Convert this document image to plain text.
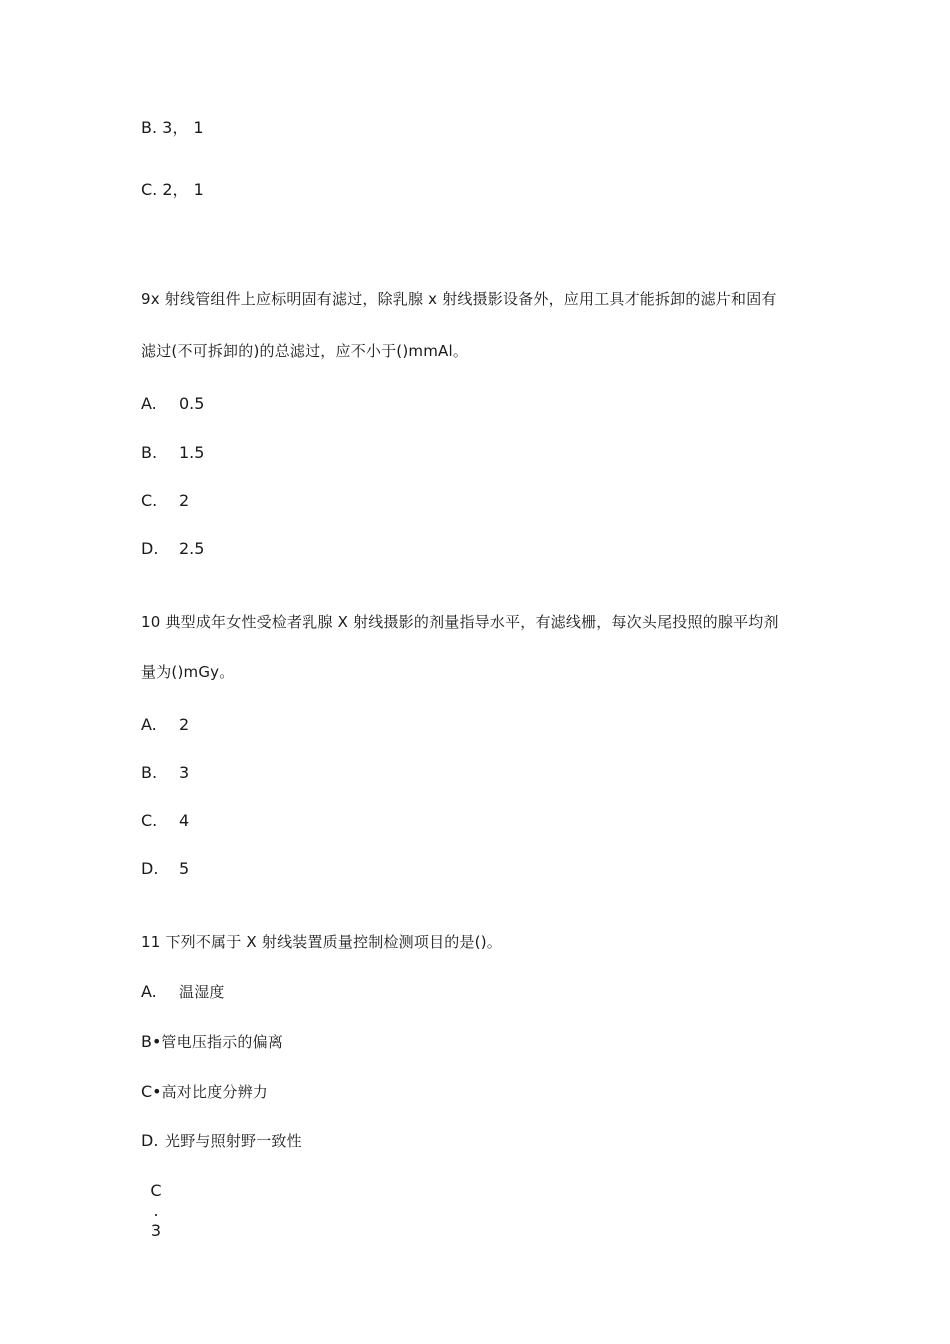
B. 3， 1
C. 2， 1
9x 射线管组件上应标明固有滤过，除乳腺 x 射线摄影设备外，应用工具才能拆卸的滤片和固有
滤过(不可拆卸的)的总滤过，应不小于()mmAl。
A. 0.5
B. 1.5
C. 2
D. 2.5
10 典型成年女性受检者乳腺 X 射线摄影的剂量指导水平，有滤线栅，每次头尾投照的腺平均剂
量为()mGy。
A. 2
B. 3
C. 4
D. 5
11 下列不属于 X 射线装置质量控制检测项目的是()。
A. 温湿度
B•管电压指示的偏离
C•高对比度分辨力
D. 光野与照射野一致性
C
.
3
